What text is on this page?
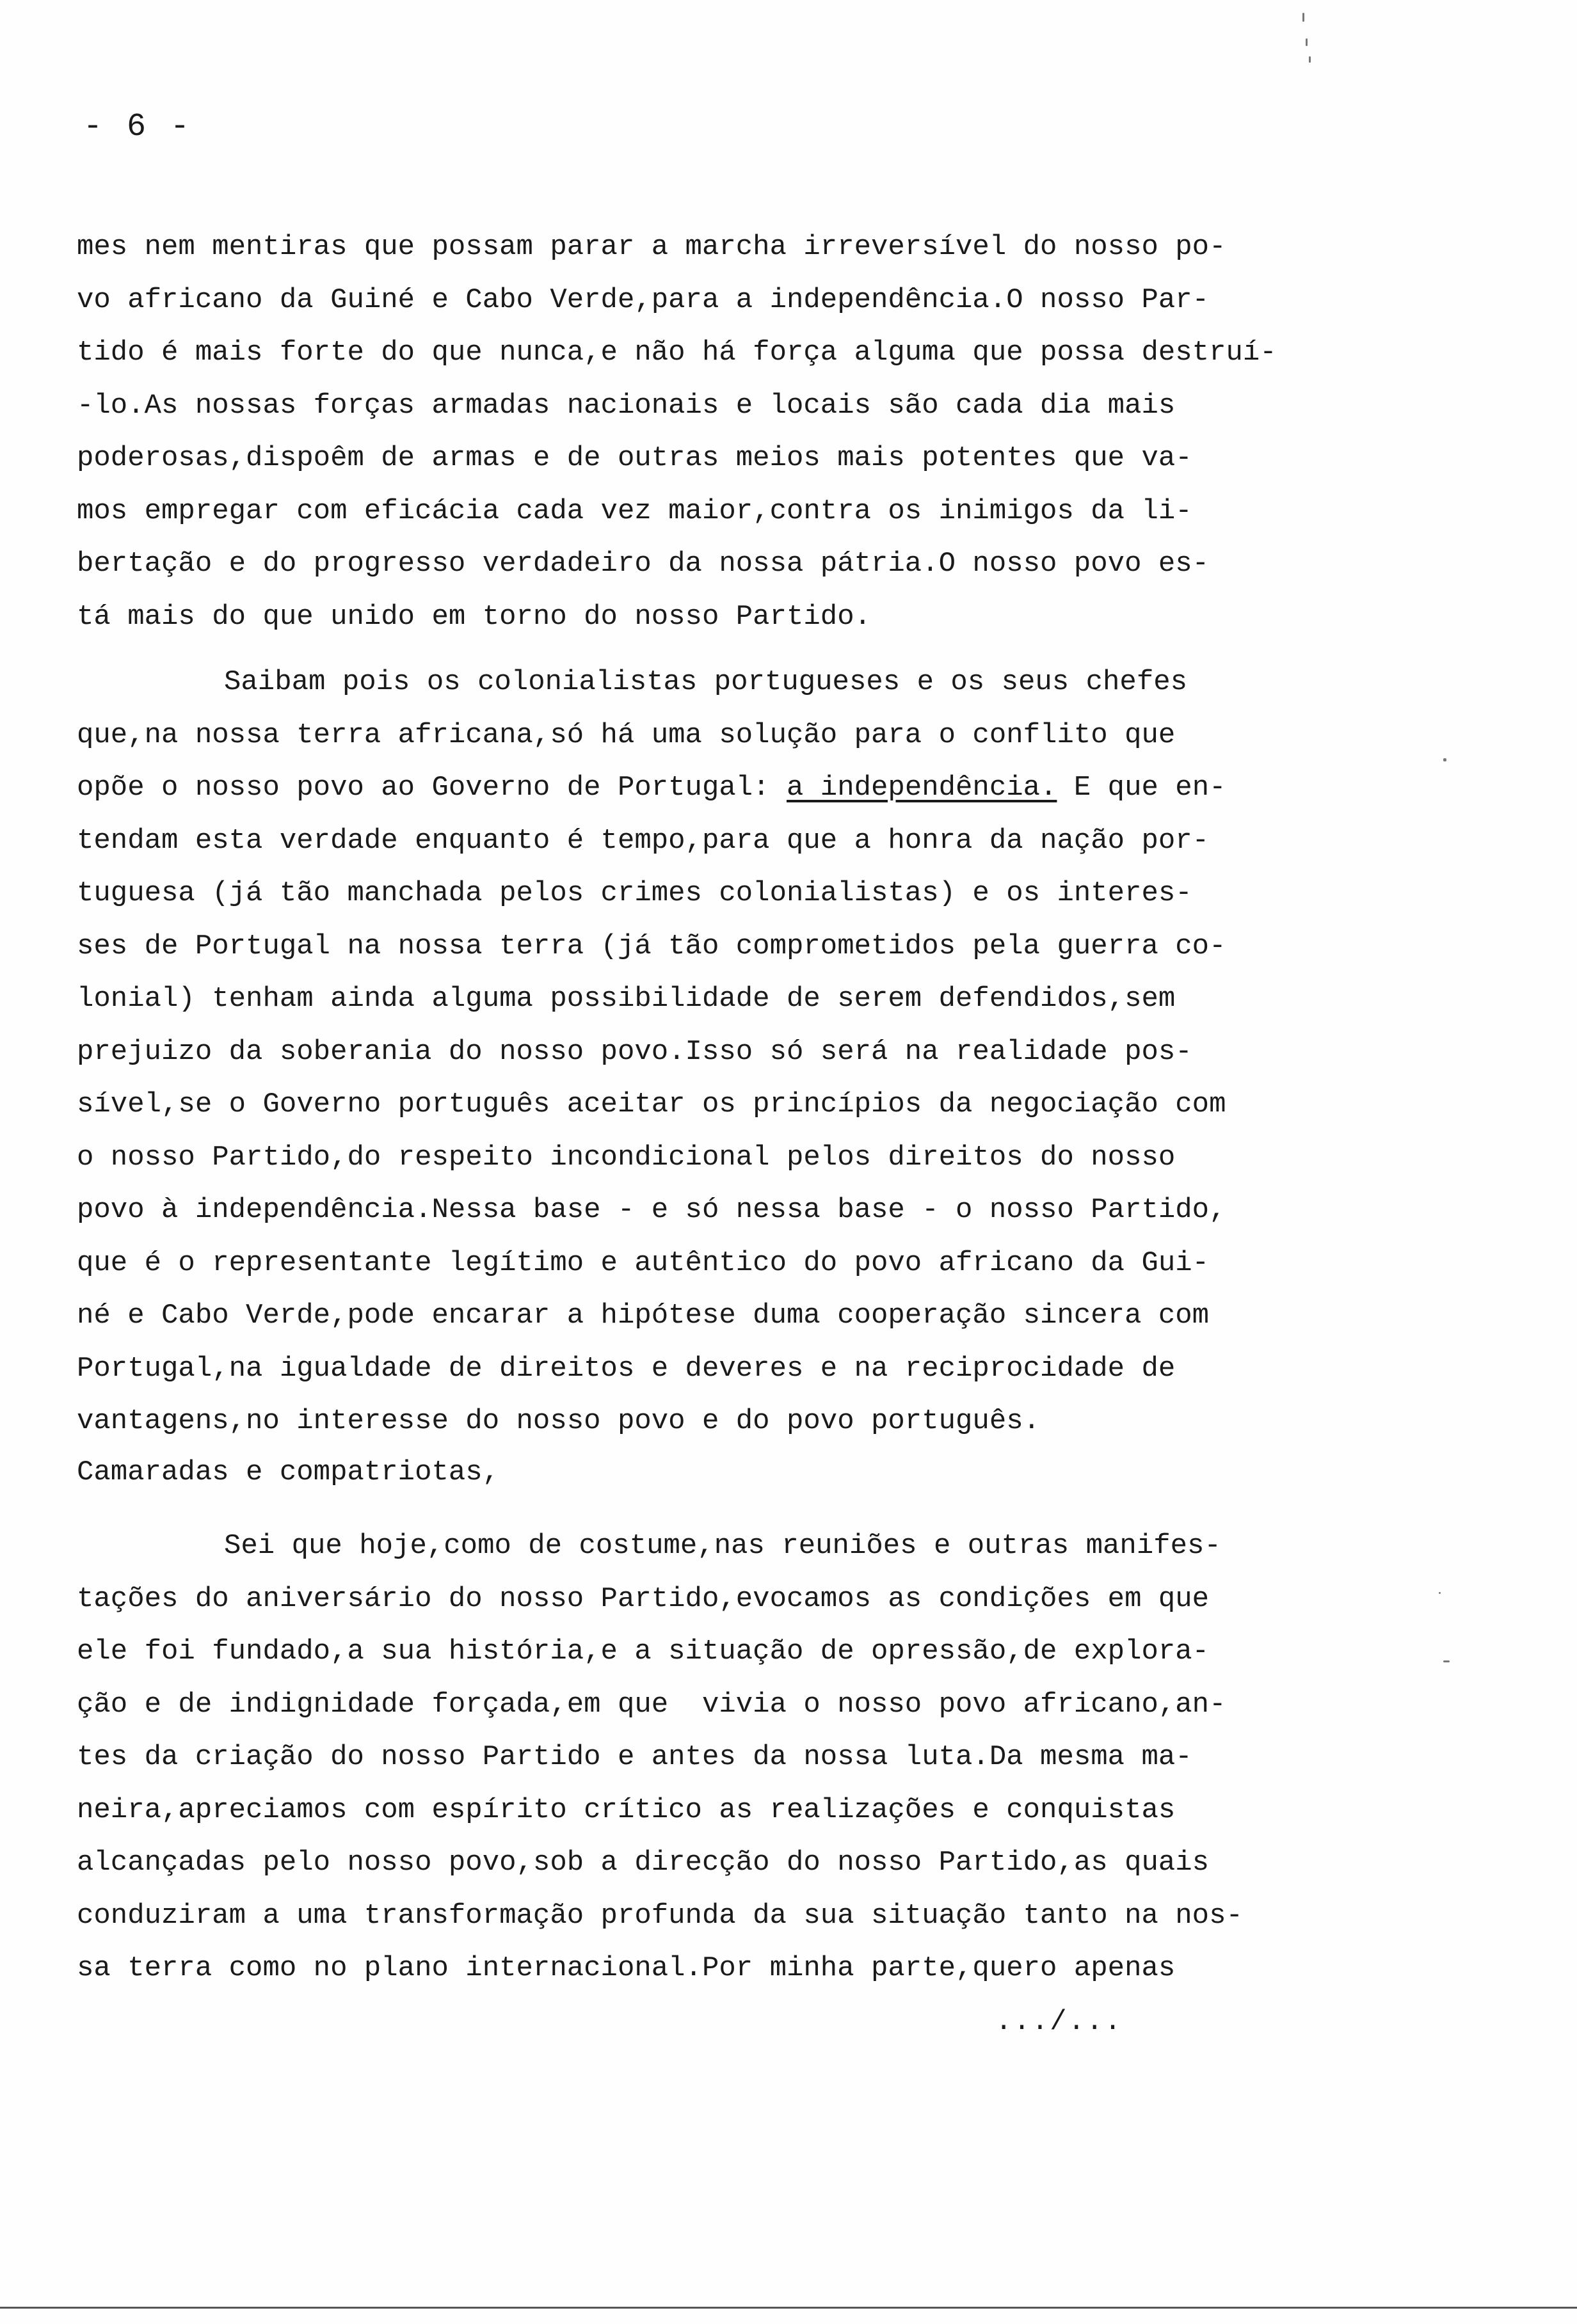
- 6 -
mes nem mentiras que possam parar a marcha irreversível do nosso po-
vo africano da Guiné e Cabo Verde,para a independência.O nosso Par-
tido é mais forte do que nunca,e não há força alguma que possa destruí-
-lo.As nossas forças armadas nacionais e locais são cada dia mais
poderosas,dispoêm de armas e de outras meios mais potentes que va-
mos empregar com eficácia cada vez maior,contra os inimigos da li-
bertação e do progresso verdadeiro da nossa pátria.O nosso povo es-
tá mais do que unido em torno do nosso Partido.
Saibam pois os colonialistas portugueses e os seus chefes
que,na nossa terra africana,só há uma solução para o conflito que
opõe o nosso povo ao Governo de Portugal: a independência. E que en-
tendam esta verdade enquanto é tempo,para que a honra da nação por-
tuguesa (já tão manchada pelos crimes colonialistas) e os interes-
ses de Portugal na nossa terra (já tão comprometidos pela guerra co-
lonial) tenham ainda alguma possibilidade de serem defendidos,sem
prejuizo da soberania do nosso povo.Isso só será na realidade pos-
sível,se o Governo português aceitar os princípios da negociação com
o nosso Partido,do respeito incondicional pelos direitos do nosso
povo à independência.Nessa base - e só nessa base - o nosso Partido,
que é o representante legítimo e autêntico do povo africano da Gui-
né e Cabo Verde,pode encarar a hipótese duma cooperação sincera com
Portugal,na igualdade de direitos e deveres e na reciprocidade de
vantagens,no interesse do nosso povo e do povo português.
Camaradas e compatriotas,
Sei que hoje,como de costume,nas reuniões e outras manifes-
tações do aniversário do nosso Partido,evocamos as condições em que
ele foi fundado,a sua história,e a situação de opressão,de explora-
ção e de indignidade forçada,em que  vivia o nosso povo africano,an-
tes da criação do nosso Partido e antes da nossa luta.Da mesma ma-
neira,apreciamos com espírito crítico as realizações e conquistas
alcançadas pelo nosso povo,sob a direcção do nosso Partido,as quais
conduziram a uma transformação profunda da sua situação tanto na nos-
sa terra como no plano internacional.Por minha parte,quero apenas
.../...
